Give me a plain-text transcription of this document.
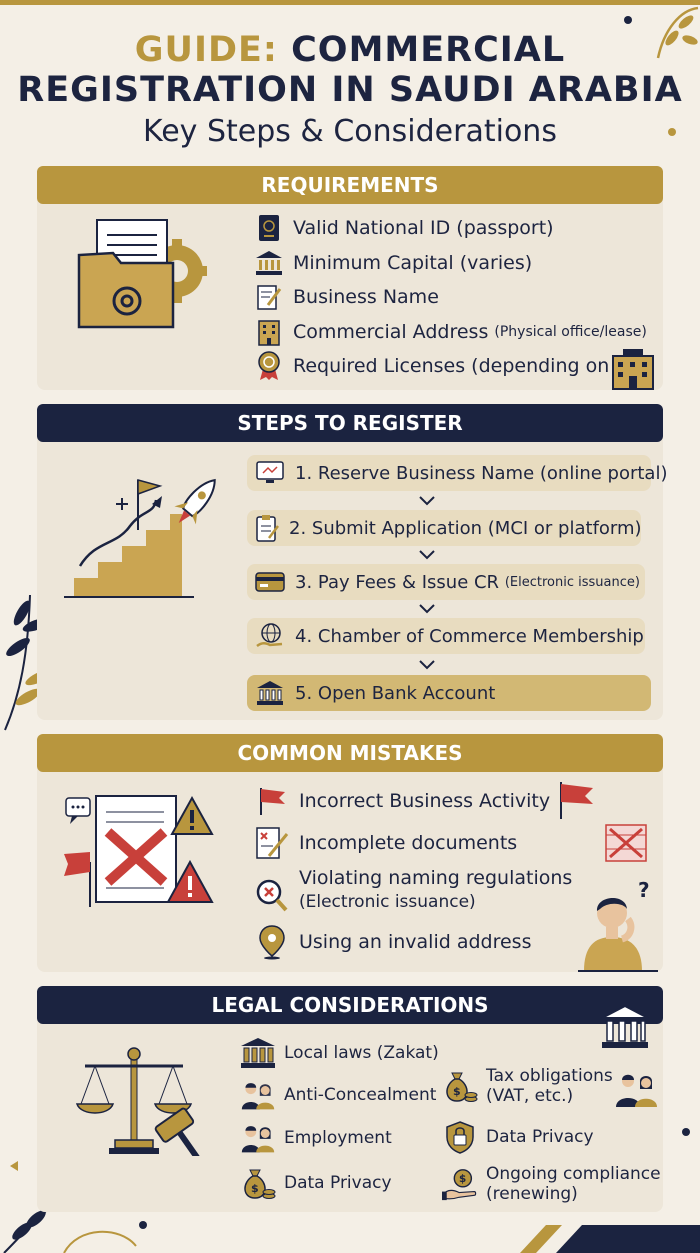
GUIDE: COMMERCIAL
REGISTRATION IN SAUDI ARABIA
Key Steps & Considerations
REQUIREMENTS
Valid National ID (passport)
Minimum Capital (varies)
Business Name
Commercial Address
(Physical office/lease)
Required Licenses (depending on
STEPS TO REGISTER
1. Reserve Business Name (online portal)
2. Submit Application (MCI or platform)
3. Pay Fees & Issue CR
(Electronic issuance)
4. Chamber of Commerce Membership
5. Open Bank Account
COMMON MISTAKES
Incorrect Business Activity
Incomplete documents
Violating naming regulations
(Electronic issuance)
Using an invalid address
?
LEGAL CONSIDERATIONS
Local laws (Zakat)
Anti-Concealment
Employment
$ Data Privacy
$
Tax obligations
(VAT, etc.)
Data Privacy
$ Ongoing compliance
(renewing)
